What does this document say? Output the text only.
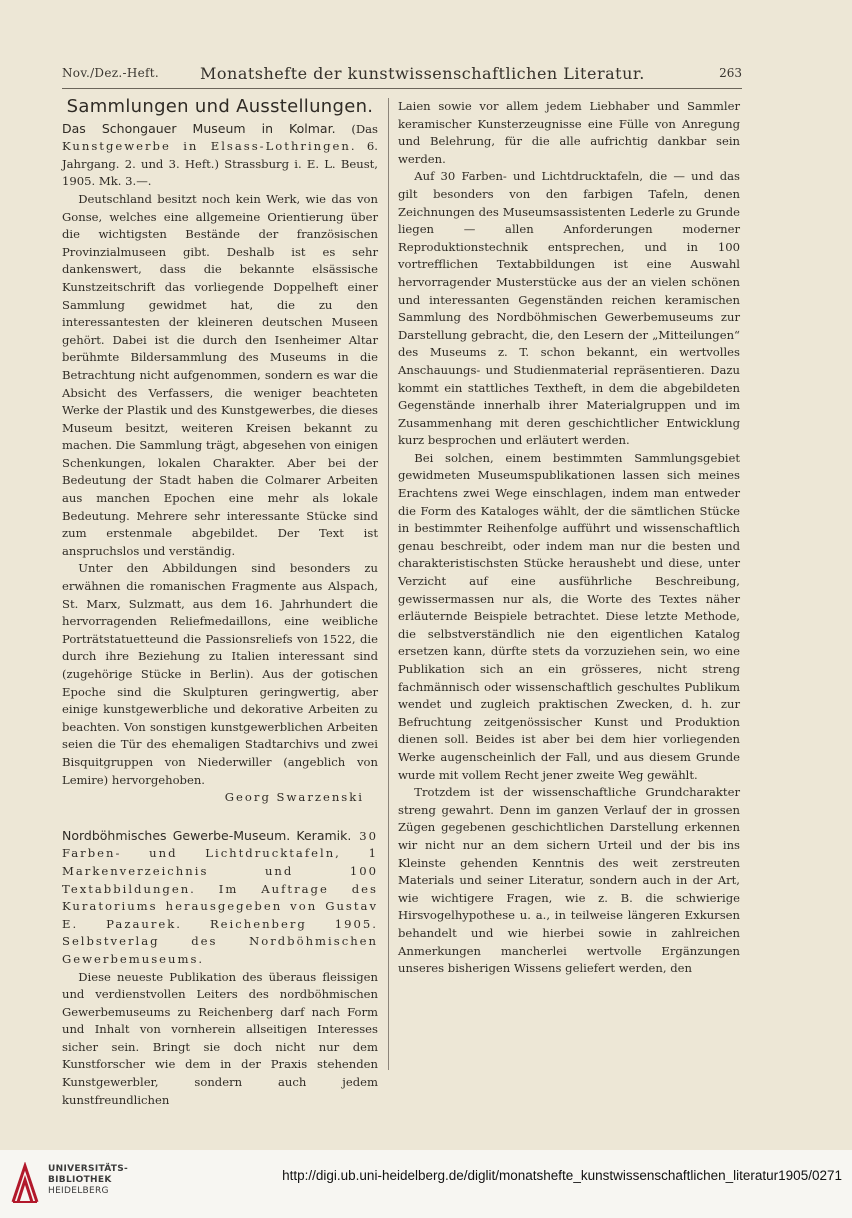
Nov./Dez.-Heft.	Monatshefte der kunstwissenschaftlichen Literatur.	263
Sammlungen und Ausstellungen.

Das Schongauer Museum in Kolmar. (Das Kunstgewerbe in Elsass-Lothringen. 6. Jahrgang. 2. und 3. Heft.) Strassburg i. E. L. Beust, 1905. Mk. 3.—.

Deutschland besitzt noch kein Werk, wie das von Gonse, welches eine allgemeine Orientierung über die wichtigsten Bestände der französischen Provinzialmuseen gibt. Deshalb ist es sehr dankenswert, dass die bekannte elsässische Kunstzeitschrift das vorliegende Doppelheft einer Sammlung gewidmet hat, die zu den interessantesten der kleineren deutschen Museen gehört. Dabei ist die durch den Isenheimer Altar berühmte Bildersammlung des Museums in die Betrachtung nicht aufgenommen, sondern es war die Absicht des Verfassers, die weniger beachteten Werke der Plastik und des Kunstgewerbes, die dieses Museum besitzt, weiteren Kreisen bekannt zu machen. Die Sammlung trägt, abgesehen von einigen Schenkungen, lokalen Charakter. Aber bei der Bedeutung der Stadt haben die Colmarer Arbeiten aus manchen Epochen eine mehr als lokale Bedeutung. Mehrere sehr interessante Stücke sind zum erstenmale abgebildet. Der Text ist anspruchslos und verständig.

Unter den Abbildungen sind besonders zu erwähnen die romanischen Fragmente aus Alspach, St. Marx, Sulzmatt, aus dem 16. Jahrhundert die hervorragenden Reliefmedaillons, eine weibliche Porträtstatuetteund die Passionsreliefs von 1522, die durch ihre Beziehung zu Italien interessant sind (zugehörige Stücke in Berlin). Aus der gotischen Epoche sind die Skulpturen geringwertig, aber einige kunstgewerbliche und dekorative Arbeiten zu beachten. Von sonstigen kunstgewerblichen Arbeiten seien die Tür des ehemaligen Stadtarchivs und zwei Bisquitgruppen von Niederwiller (angeblich von Lemire) hervorgehoben.

Georg Swarzenski

Nordböhmisches Gewerbe-Museum. Keramik. 30 Farben- und Lichtdrucktafeln, 1 Markenverzeichnis und 100 Textabbildungen. Im Auftrage des Kuratoriums herausgegeben von Gustav E. Pazaurek. Reichenberg 1905. Selbstverlag des Nordböhmischen Gewerbemuseums.

Diese neueste Publikation des überaus fleissigen und verdienstvollen Leiters des nordböhmischen Gewerbemuseums zu Reichenberg darf nach Form und Inhalt von vornherein allseitigen Interesses sicher sein. Bringt sie doch nicht nur dem Kunstforscher wie dem in der Praxis stehenden Kunstgewerbler, sondern auch jedem kunstfreundlichen

Laien sowie vor allem jedem Liebhaber und Sammler keramischer Kunsterzeugnisse eine Fülle von Anregung und Belehrung, für die alle aufrichtig dankbar sein werden.

Auf 30 Farben- und Lichtdrucktafeln, die — und das gilt besonders von den farbigen Tafeln, denen Zeichnungen des Museumsassistenten Lederle zu Grunde liegen — allen Anforderungen moderner Reproduktionstechnik entsprechen, und in 100 vortrefflichen Textabbildungen ist eine Auswahl hervorragender Musterstücke aus der an vielen schönen und interessanten Gegenständen reichen keramischen Sammlung des Nordböhmischen Gewerbemuseums zur Darstellung gebracht, die, den Lesern der „Mitteilungen“ des Museums z. T. schon bekannt, ein wertvolles Anschauungs- und Studienmaterial repräsentieren. Dazu kommt ein stattliches Textheft, in dem die abgebildeten Gegenstände innerhalb ihrer Materialgruppen und im Zusammenhang mit deren geschichtlicher Entwicklung kurz besprochen und erläutert werden.

Bei solchen, einem bestimmten Sammlungsgebiet gewidmeten Museumspublikationen lassen sich meines Erachtens zwei Wege einschlagen, indem man entweder die Form des Kataloges wählt, der die sämtlichen Stücke in bestimmter Reihenfolge aufführt und wissenschaftlich genau beschreibt, oder indem man nur die besten und charakteristischsten Stücke heraushebt und diese, unter Verzicht auf eine ausführliche Beschreibung, gewissermassen nur als, die Worte des Textes näher erläuternde Beispiele betrachtet. Diese letzte Methode, die selbstverständlich nie den eigentlichen Katalog ersetzen kann, dürfte stets da vorzuziehen sein, wo eine Publikation sich an ein grösseres, nicht streng fachmännisch oder wissenschaftlich geschultes Publikum wendet und zugleich praktischen Zwecken, d. h. zur Befruchtung zeitgenössischer Kunst und Produktion dienen soll. Beides ist aber bei dem hier vorliegenden Werke augenscheinlich der Fall, und aus diesem Grunde wurde mit vollem Recht jener zweite Weg gewählt.

Trotzdem ist der wissenschaftliche Grundcharakter streng gewahrt. Denn im ganzen Verlauf der in grossen Zügen gegebenen geschichtlichen Darstellung erkennen wir nicht nur an dem sichern Urteil und der bis ins Kleinste gehenden Kenntnis des weit zerstreuten Materials und seiner Literatur, sondern auch in der Art, wie wichtigere Fragen, wie z. B. die schwierige Hirsvogelhypothese u. a., in teilweise längeren Exkursen behandelt und wie hierbei sowie in zahlreichen Anmerkungen mancherlei wertvolle Ergänzungen unseres bisherigen Wissens geliefert werden, den

UNIVERSITÄTS-
BIBLIOTHEK
HEIDELBERG
http://digi.ub.uni-heidelberg.de/diglit/monatshefte_kunstwissenschaftlichen_literatur1905/0271
